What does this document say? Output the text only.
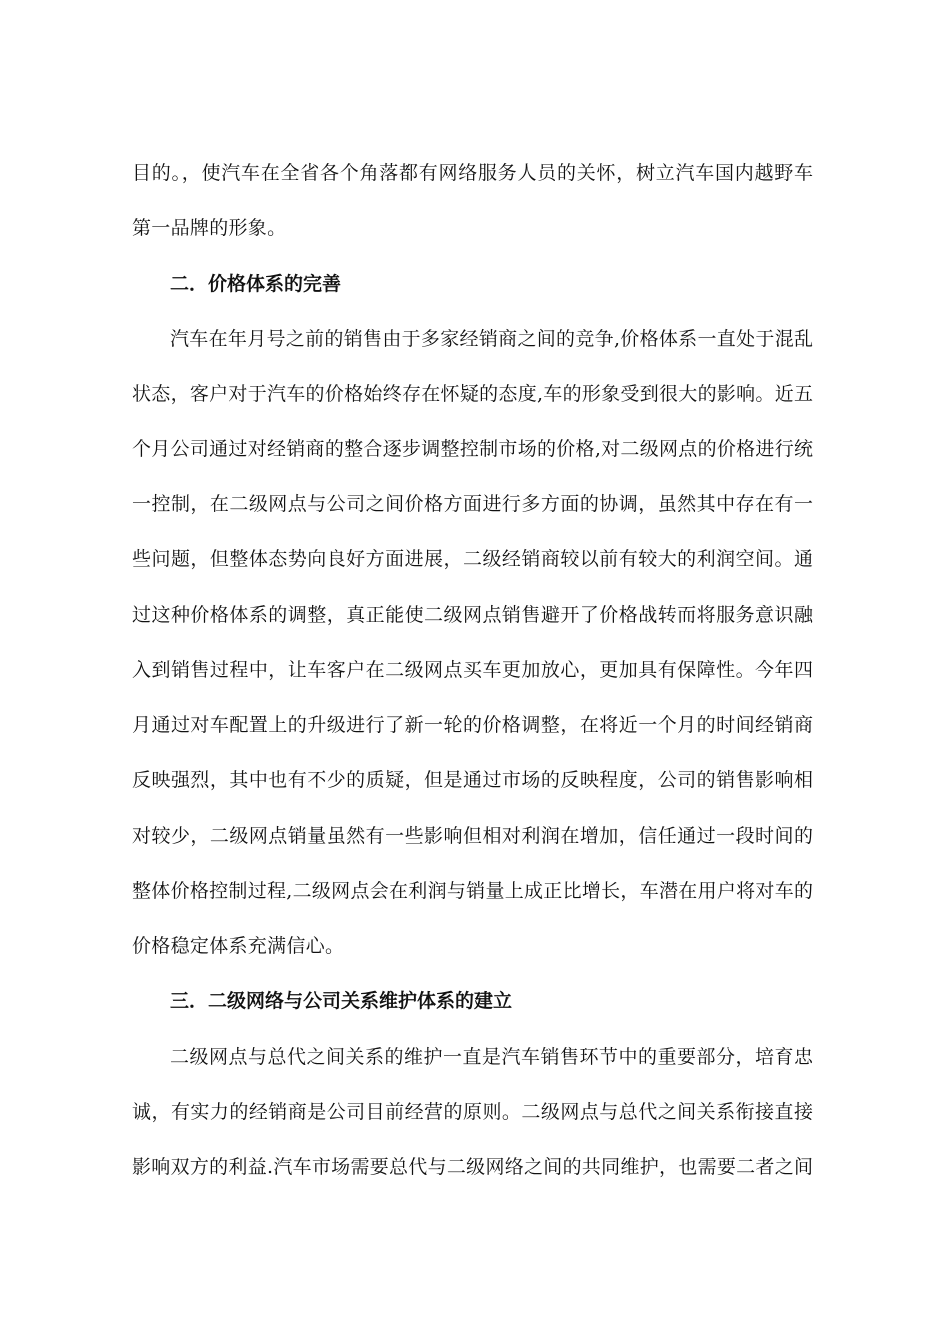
目的。，使汽车在全省各个角落都有网络服务人员的关怀，树立汽车国内越野车
第一品牌的形象。
二．价格体系的完善
汽车在年月号之前的销售由于多家经销商之间的竞争,价格体系一直处于混乱
状态，客户对于汽车的价格始终存在怀疑的态度,车的形象受到很大的影响。近五
个月公司通过对经销商的整合逐步调整控制市场的价格,对二级网点的价格进行统
一控制，在二级网点与公司之间价格方面进行多方面的协调，虽然其中存在有一
些问题，但整体态势向良好方面进展，二级经销商较以前有较大的利润空间。通
过这种价格体系的调整，真正能使二级网点销售避开了价格战转而将服务意识融
入到销售过程中，让车客户在二级网点买车更加放心，更加具有保障性。今年四
月通过对车配置上的升级进行了新一轮的价格调整，在将近一个月的时间经销商
反映强烈，其中也有不少的质疑，但是通过市场的反映程度，公司的销售影响相
对较少，二级网点销量虽然有一些影响但相对利润在增加，信任通过一段时间的
整体价格控制过程,二级网点会在利润与销量上成正比增长，车潜在用户将对车的
价格稳定体系充满信心。
三．二级网络与公司关系维护体系的建立
二级网点与总代之间关系的维护一直是汽车销售环节中的重要部分，培育忠
诚，有实力的经销商是公司目前经营的原则。二级网点与总代之间关系衔接直接
影响双方的利益.汽车市场需要总代与二级网络之间的共同维护，也需要二者之间
